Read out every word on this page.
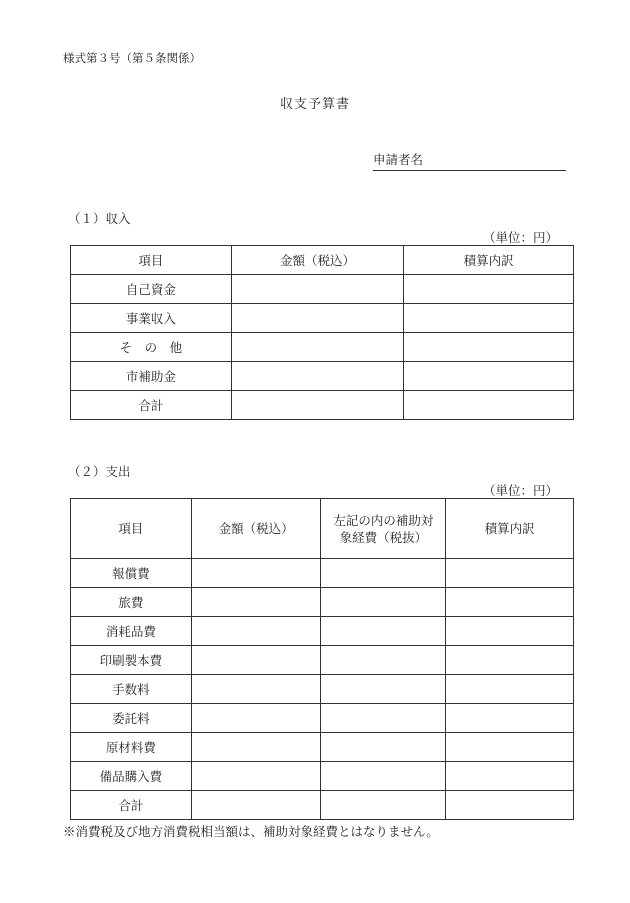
様式第３号（第５条関係）
収支予算書
申請者名
（１）収入
（単位：円）
項目	金額（税込）	積算内訳
自己資金		
事業収入		
そ　の　他		
市補助金		
合計		
（２）支出
（単位：円）
項目	金額（税込）	左記の内の補助対象経費（税抜）	積算内訳
報償費			
旅費			
消耗品費			
印刷製本費			
手数料			
委託料			
原材料費			
備品購入費			
合計			
※消費税及び地方消費税相当額は、補助対象経費とはなりません。
